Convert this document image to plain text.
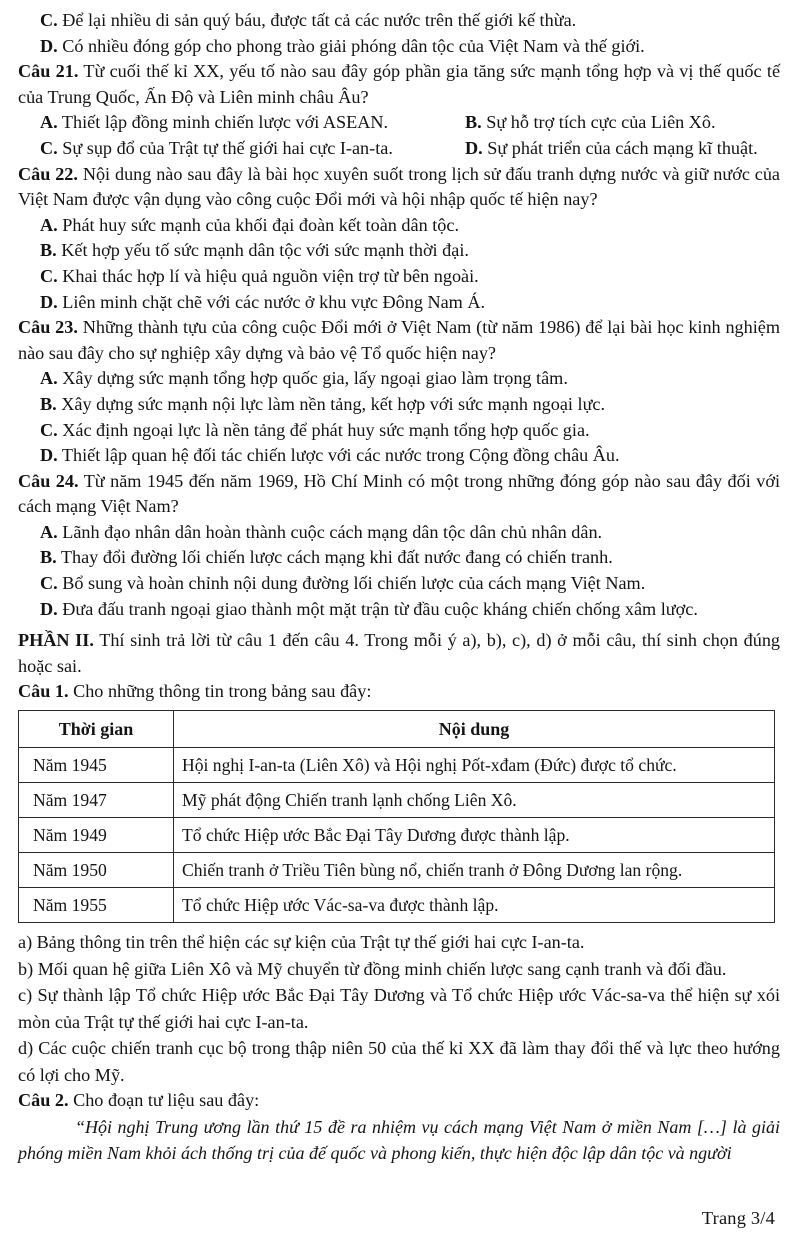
C. Để lại nhiều di sản quý báu, được tất cả các nước trên thế giới kế thừa.
D. Có nhiều đóng góp cho phong trào giải phóng dân tộc của Việt Nam và thế giới.
Câu 21. Từ cuối thế kỉ XX, yếu tố nào sau đây góp phần gia tăng sức mạnh tổng hợp và vị thế quốc tế của Trung Quốc, Ấn Độ và Liên minh châu Âu?
A. Thiết lập đồng minh chiến lược với ASEAN.	B. Sự hỗ trợ tích cực của Liên Xô.
C. Sự sụp đổ của Trật tự thế giới hai cực I-an-ta.	D. Sự phát triển của cách mạng kĩ thuật.
Câu 22. Nội dung nào sau đây là bài học xuyên suốt trong lịch sử đấu tranh dựng nước và giữ nước của Việt Nam được vận dụng vào công cuộc Đổi mới và hội nhập quốc tế hiện nay?
A. Phát huy sức mạnh của khối đại đoàn kết toàn dân tộc.
B. Kết hợp yếu tố sức mạnh dân tộc với sức mạnh thời đại.
C. Khai thác hợp lí và hiệu quả nguồn viện trợ từ bên ngoài.
D. Liên minh chặt chẽ với các nước ở khu vực Đông Nam Á.
Câu 23. Những thành tựu của công cuộc Đổi mới ở Việt Nam (từ năm 1986) để lại bài học kinh nghiệm nào sau đây cho sự nghiệp xây dựng và bảo vệ Tổ quốc hiện nay?
A. Xây dựng sức mạnh tổng hợp quốc gia, lấy ngoại giao làm trọng tâm.
B. Xây dựng sức mạnh nội lực làm nền tảng, kết hợp với sức mạnh ngoại lực.
C. Xác định ngoại lực là nền tảng để phát huy sức mạnh tổng hợp quốc gia.
D. Thiết lập quan hệ đối tác chiến lược với các nước trong Cộng đồng châu Âu.
Câu 24. Từ năm 1945 đến năm 1969, Hồ Chí Minh có một trong những đóng góp nào sau đây đối với cách mạng Việt Nam?
A. Lãnh đạo nhân dân hoàn thành cuộc cách mạng dân tộc dân chủ nhân dân.
B. Thay đổi đường lối chiến lược cách mạng khi đất nước đang có chiến tranh.
C. Bổ sung và hoàn chỉnh nội dung đường lối chiến lược của cách mạng Việt Nam.
D. Đưa đấu tranh ngoại giao thành một mặt trận từ đầu cuộc kháng chiến chống xâm lược.
PHẦN II. Thí sinh trả lời từ câu 1 đến câu 4. Trong mỗi ý a), b), c), d) ở mỗi câu, thí sinh chọn đúng hoặc sai.
Câu 1. Cho những thông tin trong bảng sau đây:
Thời gian	Nội dung
Năm 1945	Hội nghị I-an-ta (Liên Xô) và Hội nghị Pốt-xđam (Đức) được tổ chức.
Năm 1947	Mỹ phát động Chiến tranh lạnh chống Liên Xô.
Năm 1949	Tổ chức Hiệp ước Bắc Đại Tây Dương được thành lập.
Năm 1950	Chiến tranh ở Triều Tiên bùng nổ, chiến tranh ở Đông Dương lan rộng.
Năm 1955	Tổ chức Hiệp ước Vác-sa-va được thành lập.
a) Bảng thông tin trên thể hiện các sự kiện của Trật tự thế giới hai cực I-an-ta.
b) Mối quan hệ giữa Liên Xô và Mỹ chuyển từ đồng minh chiến lược sang cạnh tranh và đối đầu.
c) Sự thành lập Tổ chức Hiệp ước Bắc Đại Tây Dương và Tổ chức Hiệp ước Vác-sa-va thể hiện sự xói mòn của Trật tự thế giới hai cực I-an-ta.
d) Các cuộc chiến tranh cục bộ trong thập niên 50 của thế kỉ XX đã làm thay đổi thế và lực theo hướng có lợi cho Mỹ.
Câu 2. Cho đoạn tư liệu sau đây:
“Hội nghị Trung ương lần thứ 15 đề ra nhiệm vụ cách mạng Việt Nam ở miền Nam […] là giải phóng miền Nam khỏi ách thống trị của đế quốc và phong kiến, thực hiện độc lập dân tộc và người
Trang 3/4
